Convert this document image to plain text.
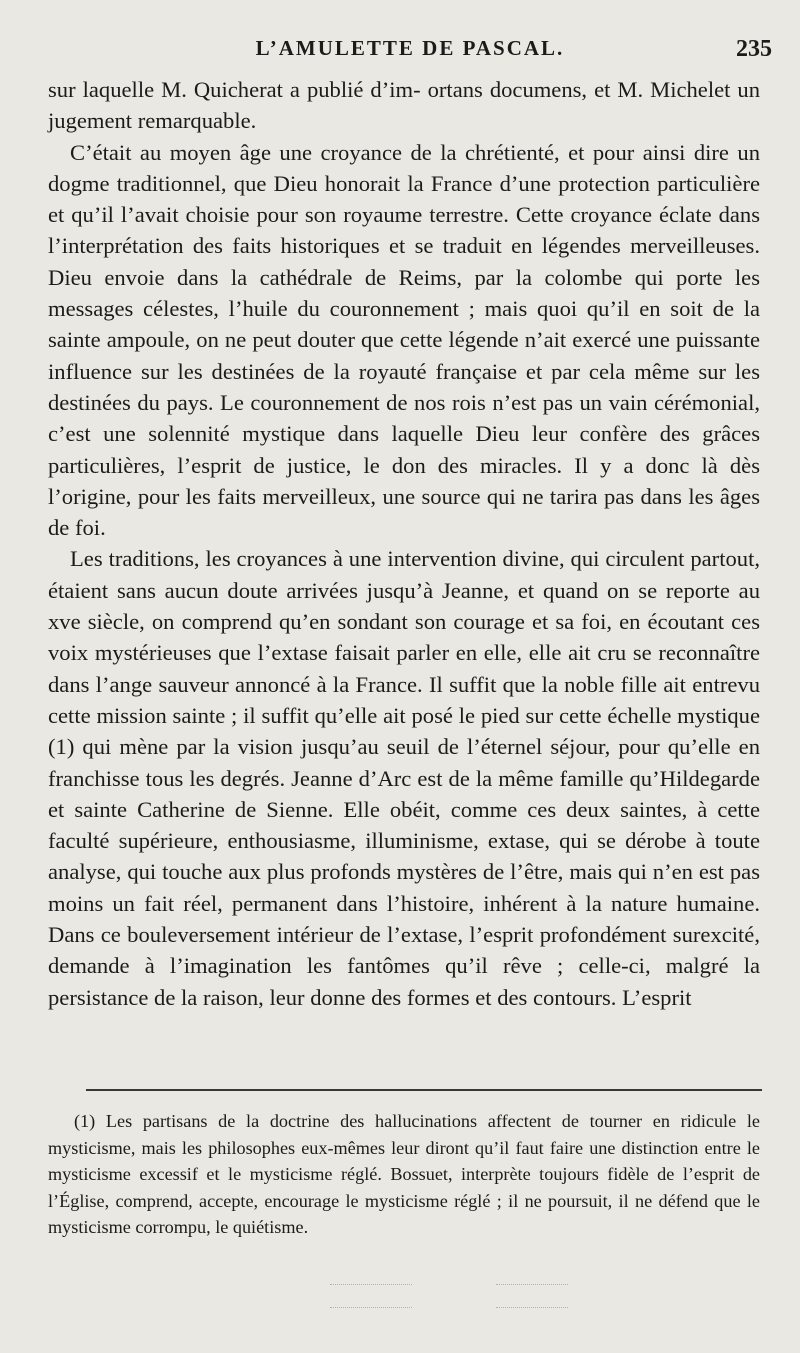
L’AMULETTE DE PASCAL.	235

sur laquelle M. Quicherat a publié d’im- ortans documens, et M. Michelet un jugement remarquable.

C’était au moyen âge une croyance de la chrétienté, et pour ainsi dire un dogme traditionnel, que Dieu honorait la France d’une protection particulière et qu’il l’avait choisie pour son royaume terrestre. Cette croyance éclate dans l’interprétation des faits historiques et se traduit en légendes merveilleuses. Dieu envoie dans la cathédrale de Reims, par la colombe qui porte les messages célestes, l’huile du couronnement ; mais quoi qu’il en soit de la sainte ampoule, on ne peut douter que cette légende n’ait exercé une puissante influence sur les destinées de la royauté française et par cela même sur les destinées du pays. Le couronnement de nos rois n’est pas un vain cérémonial, c’est une solennité mystique dans laquelle Dieu leur confère des grâces particulières, l’esprit de justice, le don des miracles. Il y a donc là dès l’origine, pour les faits merveilleux, une source qui ne tarira pas dans les âges de foi.

Les traditions, les croyances à une intervention divine, qui circulent partout, étaient sans aucun doute arrivées jusqu’à Jeanne, et quand on se reporte au xve siècle, on comprend qu’en sondant son courage et sa foi, en écoutant ces voix mystérieuses que l’extase faisait parler en elle, elle ait cru se reconnaître dans l’ange sauveur annoncé à la France. Il suffit que la noble fille ait entrevu cette mission sainte ; il suffit qu’elle ait posé le pied sur cette échelle mystique (1) qui mène par la vision jusqu’au seuil de l’éternel séjour, pour qu’elle en franchisse tous les degrés. Jeanne d’Arc est de la même famille qu’Hildegarde et sainte Catherine de Sienne. Elle obéit, comme ces deux saintes, à cette faculté supérieure, enthousiasme, illuminisme, extase, qui se dérobe à toute analyse, qui touche aux plus profonds mystères de l’être, mais qui n’en est pas moins un fait réel, permanent dans l’histoire, inhérent à la nature humaine. Dans ce bouleversement intérieur de l’extase, l’esprit profondément surexcité, demande à l’imagination les fantômes qu’il rêve ; celle-ci, malgré la persistance de la raison, leur donne des formes et des contours. L’esprit

(1) Les partisans de la doctrine des hallucinations affectent de tourner en ridicule le mysticisme, mais les philosophes eux-mêmes leur diront qu’il faut faire une distinction entre le mysticisme excessif et le mysticisme réglé. Bossuet, interprète toujours fidèle de l’esprit de l’Église, comprend, accepte, encourage le mysticisme réglé ; il ne poursuit, il ne défend que le mysticisme corrompu, le quiétisme.
